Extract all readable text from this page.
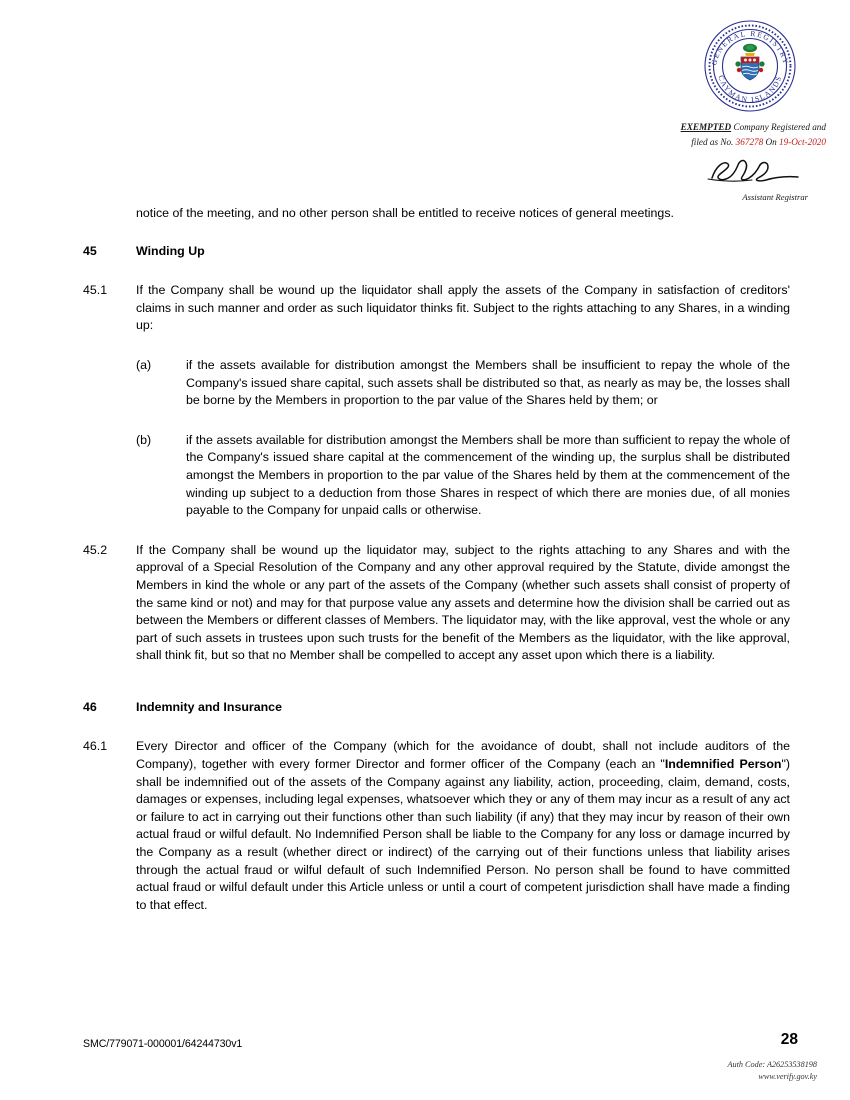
GENERAL REGISTRY
CAYMAN ISLANDS
EXEMPTED Company Registered and
filed as No. 367278 On 19-Oct-2020
Assistant Registrar
notice of the meeting, and no other person shall be entitled to receive notices of general meetings.
45	Winding Up
45.1	If the Company shall be wound up the liquidator shall apply the assets of the Company in satisfaction of creditors' claims in such manner and order as such liquidator thinks fit. Subject to the rights attaching to any Shares, in a winding up:
(a)	if the assets available for distribution amongst the Members shall be insufficient to repay the whole of the Company's issued share capital, such assets shall be distributed so that, as nearly as may be, the losses shall be borne by the Members in proportion to the par value of the Shares held by them; or
(b)	if the assets available for distribution amongst the Members shall be more than sufficient to repay the whole of the Company's issued share capital at the commencement of the winding up, the surplus shall be distributed amongst the Members in proportion to the par value of the Shares held by them at the commencement of the winding up subject to a deduction from those Shares in respect of which there are monies due, of all monies payable to the Company for unpaid calls or otherwise.
45.2	If the Company shall be wound up the liquidator may, subject to the rights attaching to any Shares and with the approval of a Special Resolution of the Company and any other approval required by the Statute, divide amongst the Members in kind the whole or any part of the assets of the Company (whether such assets shall consist of property of the same kind or not) and may for that purpose value any assets and determine how the division shall be carried out as between the Members or different classes of Members. The liquidator may, with the like approval, vest the whole or any part of such assets in trustees upon such trusts for the benefit of the Members as the liquidator, with the like approval, shall think fit, but so that no Member shall be compelled to accept any asset upon which there is a liability.
46	Indemnity and Insurance
46.1	Every Director and officer of the Company (which for the avoidance of doubt, shall not include auditors of the Company), together with every former Director and former officer of the Company (each an "Indemnified Person") shall be indemnified out of the assets of the Company against any liability, action, proceeding, claim, demand, costs, damages or expenses, including legal expenses, whatsoever which they or any of them may incur as a result of any act or failure to act in carrying out their functions other than such liability (if any) that they may incur by reason of their own actual fraud or wilful default. No Indemnified Person shall be liable to the Company for any loss or damage incurred by the Company as a result (whether direct or indirect) of the carrying out of their functions unless that liability arises through the actual fraud or wilful default of such Indemnified Person. No person shall be found to have committed actual fraud or wilful default under this Article unless or until a court of competent jurisdiction shall have made a finding to that effect.
SMC/779071-000001/64244730v1	28
Auth Code: A26253538198
www.verify.gov.ky
